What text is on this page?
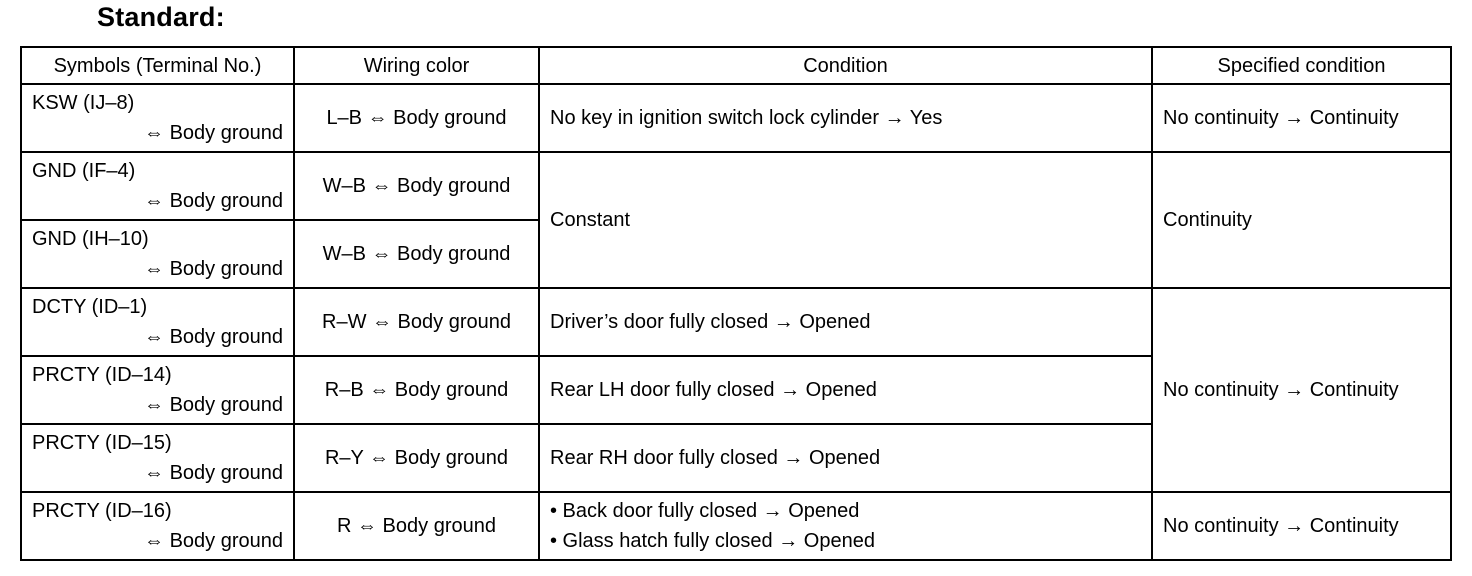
Standard:
Symbols (Terminal No.)	Wiring color	Condition	Specified condition

KSW (IJ–8)
⇔ Body ground	L–B ⇔ Body ground	No key in ignition switch lock cylinder → Yes	No continuity → Continuity

GND (IF–4)
⇔ Body ground	W–B ⇔ Body ground	Constant	Continuity

GND (IH–10)
⇔ Body ground	W–B ⇔ Body ground		

DCTY (ID–1)
⇔ Body ground	R–W ⇔ Body ground	Driver’s door fully closed → Opened	No continuity → Continuity

PRCTY (ID–14)
⇔ Body ground	R–B ⇔ Body ground	Rear LH door fully closed → Opened	

PRCTY (ID–15)
⇔ Body ground	R–Y ⇔ Body ground	Rear RH door fully closed → Opened	

PRCTY (ID–16)
⇔ Body ground	R ⇔ Body ground	• Back door fully closed → Opened
• Glass hatch fully closed → Opened	No continuity → Continuity
